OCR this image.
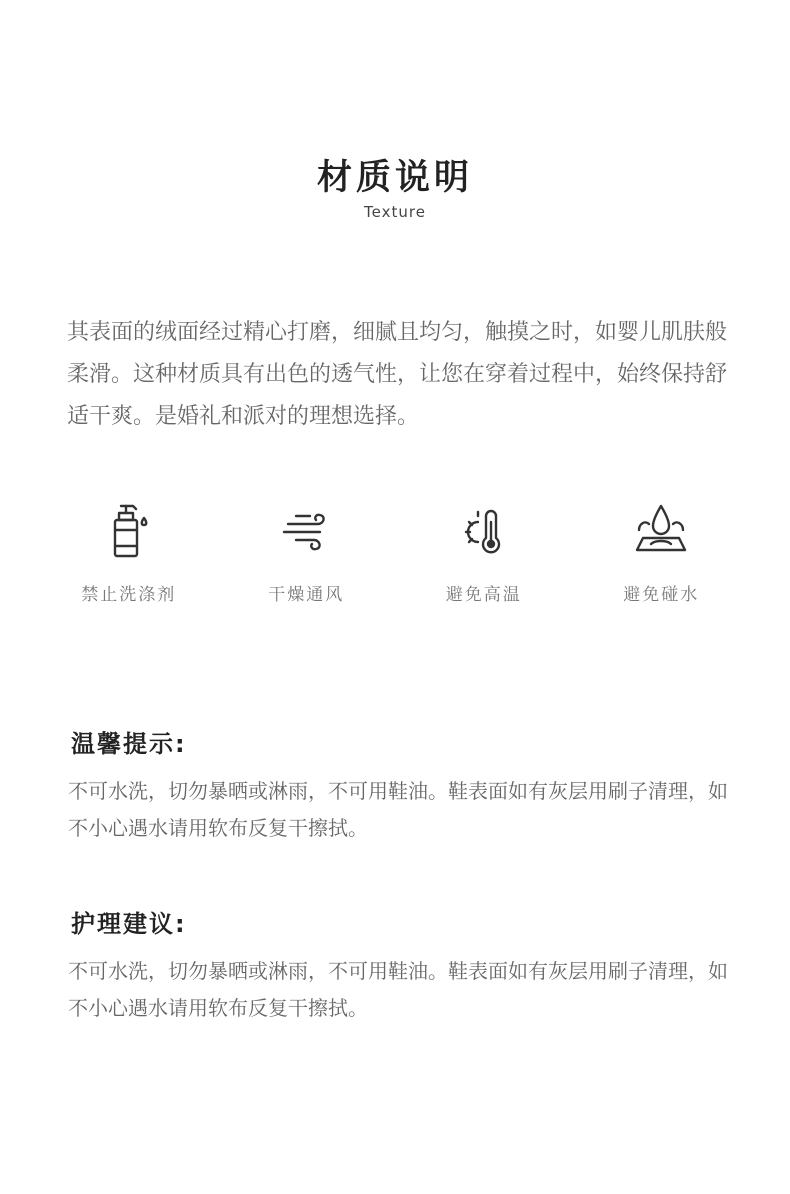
材质说明

Texture

其表面的绒面经过精心打磨，细腻且均匀，触摸之时，如婴儿肌肤般柔滑。这种材质具有出色的透气性，让您在穿着过程中，始终保持舒适干爽。是婚礼和派对的理想选择。

禁止洗涤剂	干燥通风	避免高温	避免碰水
温馨提示:

不可水洗，切勿暴晒或淋雨，不可用鞋油。鞋表面如有灰层用刷子清理，如不小心遇水请用软布反复干擦拭。

护理建议:

不可水洗，切勿暴晒或淋雨，不可用鞋油。鞋表面如有灰层用刷子清理，如不小心遇水请用软布反复干擦拭。
